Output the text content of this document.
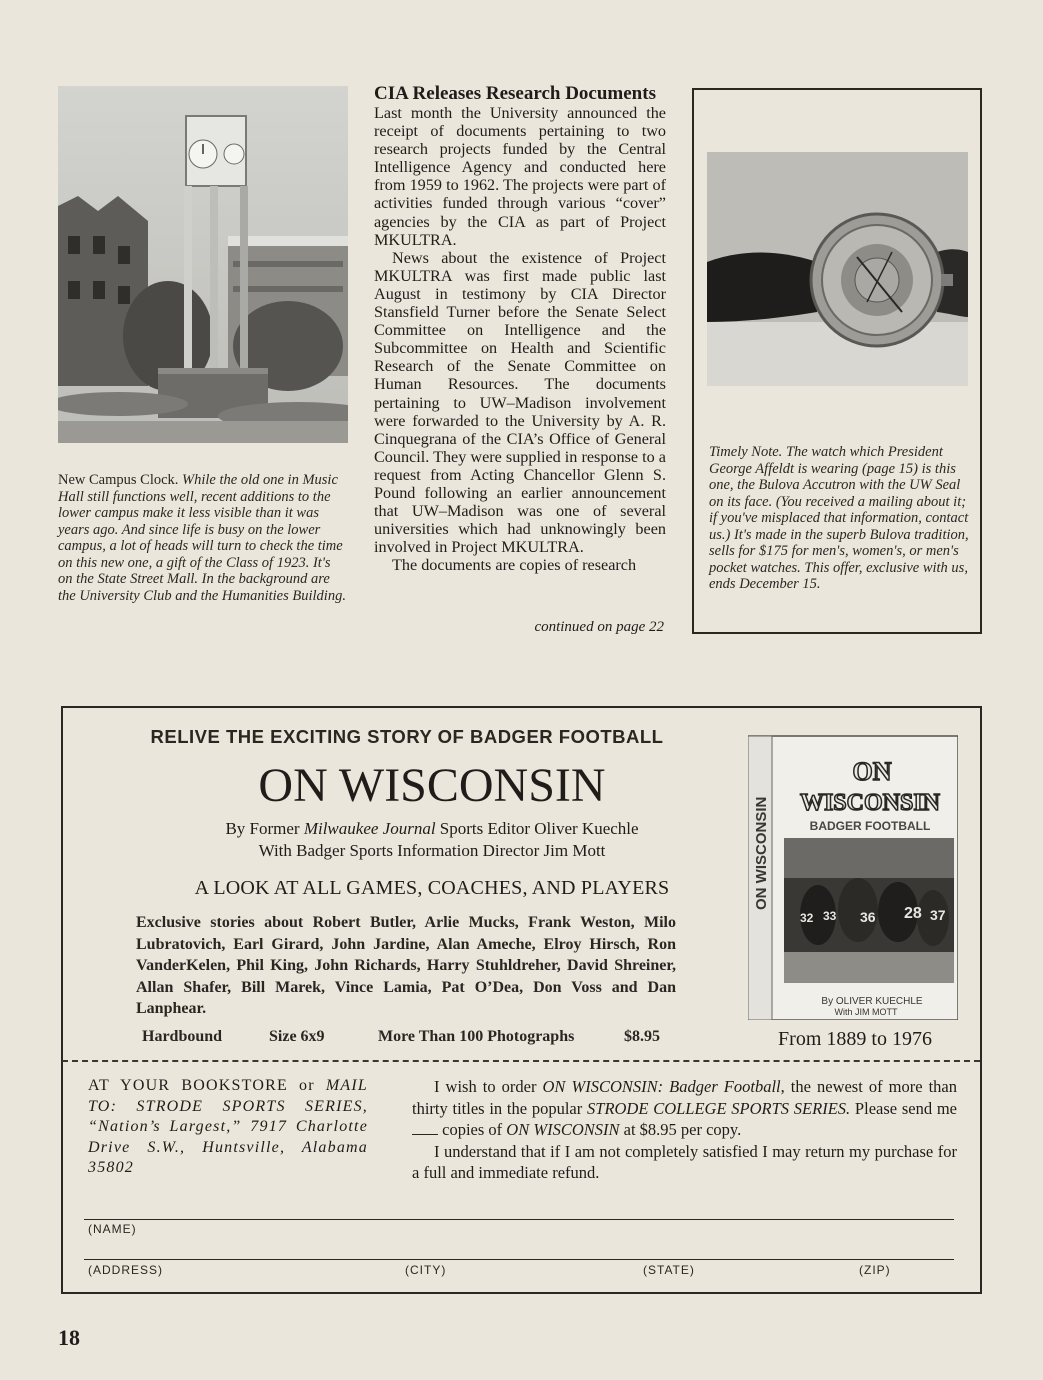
New Campus Clock. While the old one in Music Hall still functions well, recent additions to the lower campus make it less visible than it was years ago. And since life is busy on the lower campus, a lot of heads will turn to check the time on this new one, a gift of the Class of 1923. It's on the State Street Mall. In the background are the University Club and the Humanities Building.
CIA Releases Research Documents

Last month the University announced the receipt of documents pertaining to two research projects funded by the Central Intelligence Agency and conducted here from 1959 to 1962. The projects were part of activities funded through various “cover” agencies by the CIA as part of Project MKULTRA.

News about the existence of Project MKULTRA was first made public last August in testimony by CIA Director Stansfield Turner before the Senate Select Committee on Intelligence and the Subcommittee on Health and Scientific Research of the Senate Committee on Human Resources. The documents pertaining to UW–Madison involvement were forwarded to the University by A. R. Cinquegrana of the CIA’s Office of General Council. They were supplied in response to a request from Acting Chancellor Glenn S. Pound following an earlier announcement that UW–Madison was one of several universities which had unknowingly been involved in Project MKULTRA.

The documents are copies of research

continued on page 22
Timely Note. The watch which President George Affeldt is wearing (page 15) is this one, the Bulova Accutron with the UW Seal on its face. (You received a mailing about it; if you've misplaced that information, contact us.) It's made in the superb Bulova tradition, sells for $175 for men's, women's, or men's pocket watches. This offer, exclusive with us, ends December 15.
RELIVE THE EXCITING STORY OF BADGER FOOTBALL
ON WISCONSIN
By Former Milwaukee Journal Sports Editor Oliver Kuechle
With Badger Sports Information Director Jim Mott
A LOOK AT ALL GAMES, COACHES, AND PLAYERS
Exclusive stories about Robert Butler, Arlie Mucks, Frank Weston, Milo Lubratovich, Earl Girard, John Jardine, Alan Ameche, Elroy Hirsch, Ron VanderKelen, Phil King, John Richards, Harry Stuhldreher, David Shreiner, Allan Shafer, Bill Marek, Vince Lamia, Pat O’Dea, Don Voss and Dan Lanphear.
Hardbound	Size 6x9	More Than 100 Photographs	$8.95
ON WISCONSIN
ON
WISCONSIN
BADGER FOOTBALL
32 33 36 28 37
By OLIVER KUECHLE
With JIM MOTT
From 1889 to 1976
AT YOUR BOOKSTORE or MAIL TO: STRODE SPORTS SERIES, “Nation’s Largest,” 7917 Charlotte Drive S.W., Huntsville, Alabama 35802

I wish to order ON WISCONSIN: Badger Football, the newest of more than thirty titles in the popular STRODE COLLEGE SPORTS SERIES. Please send me copies of ON WISCONSIN at $8.95 per copy.

I understand that if I am not completely satisfied I may return my purchase for a full and immediate refund.

(NAME)
(ADDRESS)	(CITY)	(STATE)	(ZIP)
18
